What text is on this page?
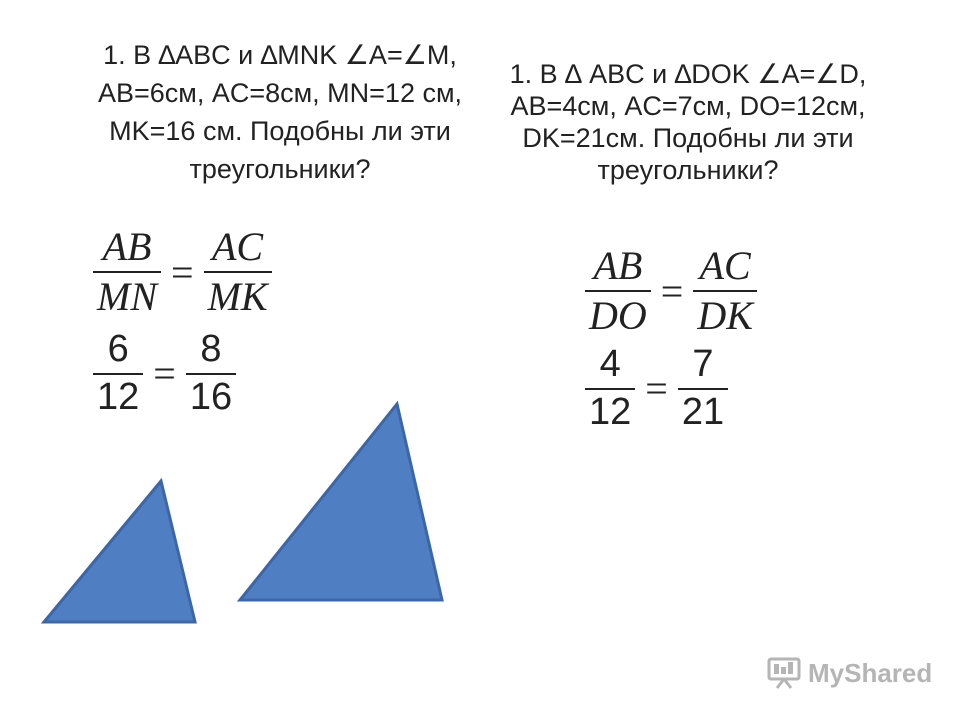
1. В ∆ABC и ∆MNK ∠A=∠M,
AB=6см, AC=8см, MN=12 см,
MK=16 см. Подобны ли эти
треугольники?
1. В ∆ ABC и ∆DOK ∠A=∠D,
AB=4см, AC=7см, DO=12см,
DK=21см. Подобны ли эти
треугольники?
$\frac{AB}{MN} = \frac{AC}{MK}$
$\frac{6}{12} = \frac{8}{16}$
$\frac{AB}{DO} = \frac{AC}{DK}$
$\frac{4}{12} = \frac{7}{21}$
MyShared
